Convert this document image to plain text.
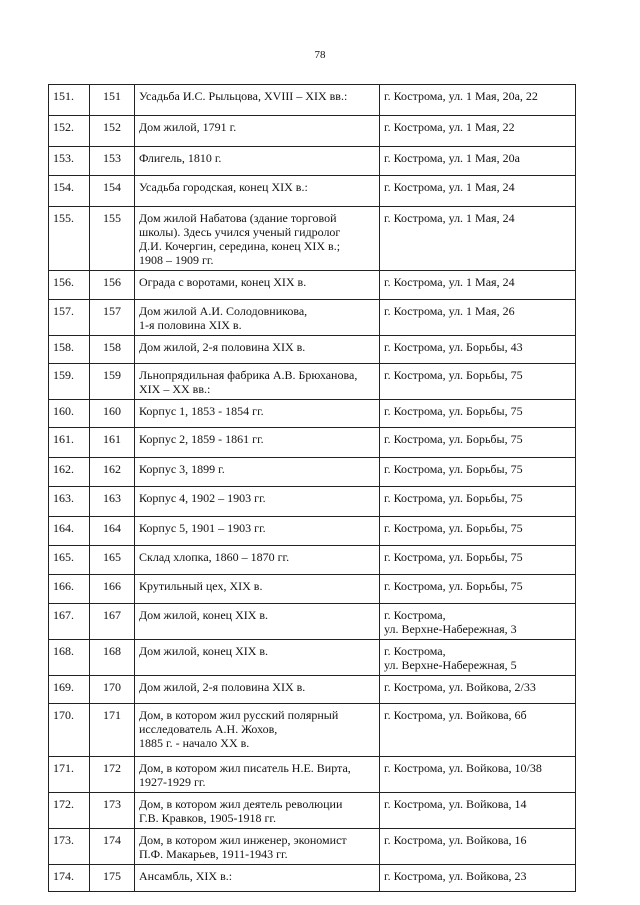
78
151.	151	Усадьба И.С. Рыльцова, XVIII – XIX вв.:	г. Кострома, ул. 1 Мая, 20а, 22
152.	152	Дом жилой, 1791 г.	г. Кострома, ул. 1 Мая, 22
153.	153	Флигель, 1810 г.	г. Кострома, ул. 1 Мая, 20а
154.	154	Усадьба городская, конец XIX в.:	г. Кострома, ул. 1 Мая, 24
155.	155	Дом жилой Набатова (здание торговой
школы). Здесь учился ученый гидролог
Д.И. Кочергин, середина, конец XIX в.;
1908 – 1909 гг.	г. Кострома, ул. 1 Мая, 24
156.	156	Ограда с воротами, конец XIX в.	г. Кострома, ул. 1 Мая, 24
157.	157	Дом жилой А.И. Солодовникова,
1-я половина XIX в.	г. Кострома, ул. 1 Мая, 26
158.	158	Дом жилой, 2-я половина XIX в.	г. Кострома, ул. Борьбы, 43
159.	159	Льнопрядильная фабрика А.В. Брюханова,
XIX – XX вв.:	г. Кострома, ул. Борьбы, 75
160.	160	Корпус 1, 1853 - 1854 гг.	г. Кострома, ул. Борьбы, 75
161.	161	Корпус 2, 1859 - 1861 гг.	г. Кострома, ул. Борьбы, 75
162.	162	Корпус 3, 1899 г.	г. Кострома, ул. Борьбы, 75
163.	163	Корпус 4, 1902 – 1903 гг.	г. Кострома, ул. Борьбы, 75
164.	164	Корпус 5, 1901 – 1903 гг.	г. Кострома, ул. Борьбы, 75
165.	165	Склад хлопка, 1860 – 1870 гг.	г. Кострома, ул. Борьбы, 75
166.	166	Крутильный цех, XIX в.	г. Кострома, ул. Борьбы, 75
167.	167	Дом жилой, конец XIX в.	г. Кострома,
ул. Верхне-Набережная, 3
168.	168	Дом жилой, конец XIX в.	г. Кострома,
ул. Верхне-Набережная, 5
169.	170	Дом жилой, 2-я половина XIX в.	г. Кострома, ул. Войкова, 2/33
170.	171	Дом, в котором жил русский полярный
исследователь А.Н. Жохов,
1885 г. - начало XX в.	г. Кострома, ул. Войкова, 6б
171.	172	Дом, в котором жил писатель Н.Е. Вирта,
1927-1929 гг.	г. Кострома, ул. Войкова, 10/38
172.	173	Дом, в котором жил деятель революции
Г.В. Кравков, 1905-1918 гг.	г. Кострома, ул. Войкова, 14
173.	174	Дом, в котором жил инженер, экономист
П.Ф. Макарьев, 1911-1943 гг.	г. Кострома, ул. Войкова, 16
174.	175	Ансамбль, XIX в.:	г. Кострома, ул. Войкова, 23
